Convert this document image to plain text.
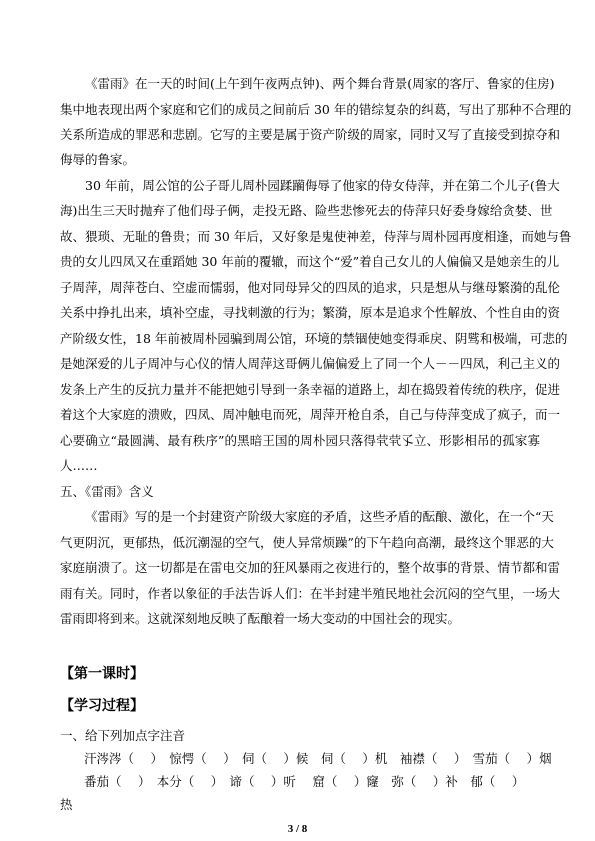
《雷雨》在一天的时间(上午到午夜两点钟)、两个舞台背景(周家的客厅、鲁家的住房)
集中地表现出两个家庭和它们的成员之间前后 30 年的错综复杂的纠葛，写出了那种不合理的
关系所造成的罪恶和悲剧。它写的主要是属于资产阶级的周家，同时又写了直接受到掠夺和
侮辱的鲁家。
30 年前，周公馆的公子哥儿周朴园蹂躏侮辱了他家的侍女侍萍，并在第二个儿子(鲁大
海)出生三天时抛弃了他们母子俩，走投无路、险些悲惨死去的侍萍只好委身嫁给贪婪、世
故、猥琐、无耻的鲁贵；而 30 年后，又好象是鬼使神差，侍萍与周朴园再度相逢，而她与鲁
贵的女儿四凤又在重蹈她 30 年前的覆辙，而这个“爱”着自己女儿的人偏偏又是她亲生的儿
子周萍，周萍苍白、空虚而懦弱，他对同母异父的四凤的追求，只是想从与继母繁漪的乱伦
关系中挣扎出来，填补空虚，寻找刺激的行为；繁漪，原本是追求个性解放、个性自由的资
产阶级女性，18 年前被周朴园骗到周公馆，环境的禁锢使她变得乖戾、阴骘和极端，可悲的
是她深爱的儿子周冲与心仪的情人周萍这哥俩儿偏偏爱上了同一个人－－四凤，利己主义的
发条上产生的反抗力量并不能把她引导到一条幸福的道路上，却在捣毁着传统的秩序，促进
着这个大家庭的溃败，四凤、周冲触电而死，周萍开枪自杀，自己与侍萍变成了疯子，而一
心要确立“最圆满、最有秩序”的黑暗王国的周朴园只落得茕茕孓立、形影相吊的孤家寡
人……
五、《雷雨》含义
《雷雨》写的是一个封建资产阶级大家庭的矛盾，这些矛盾的酝酿、激化，在一个“天
气更阴沉，更郁热，低沉潮湿的空气，使人异常烦躁”的下午趋向高潮，最终这个罪恶的大
家庭崩溃了。这一切都是在雷电交加的狂风暴雨之夜进行的，整个故事的背景、情节都和雷
雨有关。同时，作者以象征的手法告诉人们：在半封建半殖民地社会沉闷的空气里，一场大
雷雨即将到来。这就深刻地反映了酝酿着一场大变动的中国社会的现实。
【第一课时】
【学习过程】
一、给下列加点字注音
汗涔涔（　 ）　惊愕（　 ）　伺（　 ）候　伺（　 ）机　袖襟（　 ）　雪茄（　 ）烟
番茄（　 ）　本分（　 ）　谛（　 ）听　 窟（　 ）窿　弥（　 ）补　郁（　 ）
热
3 / 8
